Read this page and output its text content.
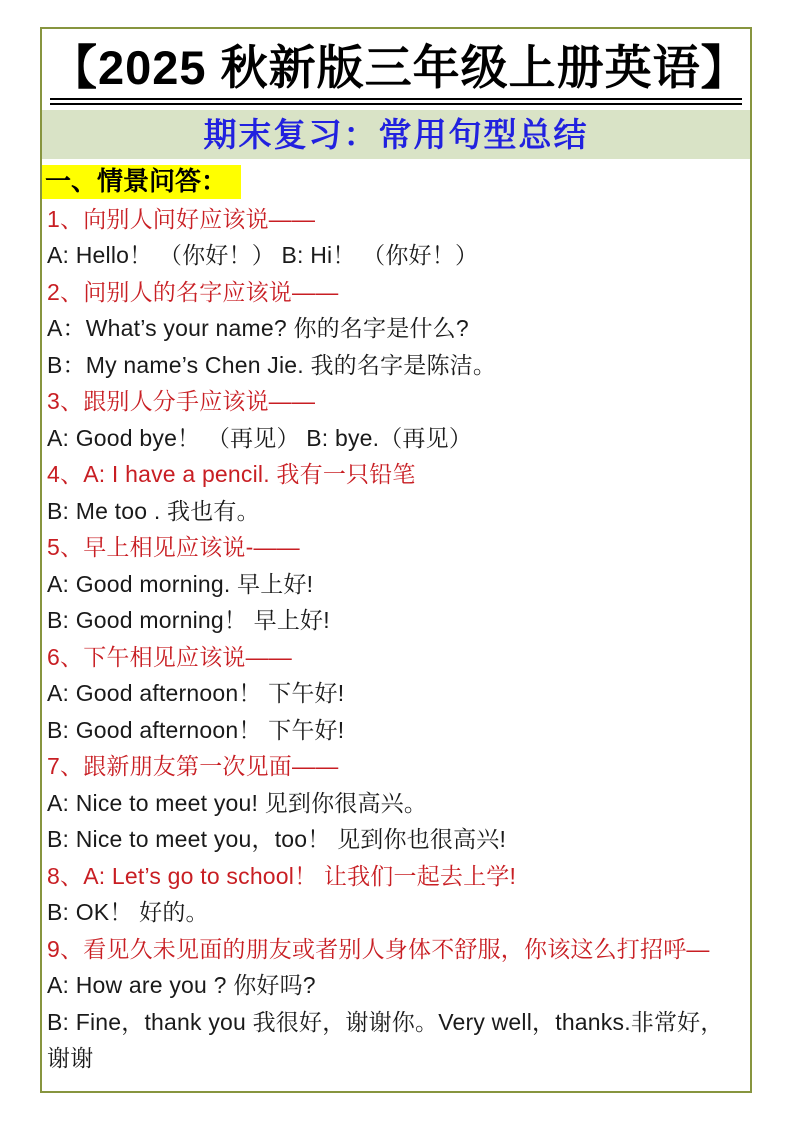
【2025 秋新版三年级上册英语】
期末复习：常用句型总结
一、情景问答：
1、向别人问好应该说——
A: Hello！ （你好！） B: Hi！ （你好！）
2、问别人的名字应该说——
A：What’s your name? 你的名字是什么?
B：My name’s Chen Jie. 我的名字是陈洁。
3、跟别人分手应该说——
A: Good bye！ （再见） B: bye.（再见）
4、A: I have a pencil. 我有一只铅笔
B: Me too . 我也有。
5、早上相见应该说-——
A: Good morning. 早上好!
B: Good morning！ 早上好!
6、下午相见应该说——
A: Good afternoon！ 下午好!
B: Good afternoon！ 下午好!
7、跟新朋友第一次见面——
A: Nice to meet you! 见到你很高兴。
B: Nice to meet you，too！ 见到你也很高兴!
8、A: Let’s go to school！ 让我们一起去上学!
B: OK！ 好的。
9、看见久未见面的朋友或者别人身体不舒服，你该这么打招呼—
A: How are you ? 你好吗?
B: Fine，thank you 我很好，谢谢你。Very well，thanks.非常好，谢谢
